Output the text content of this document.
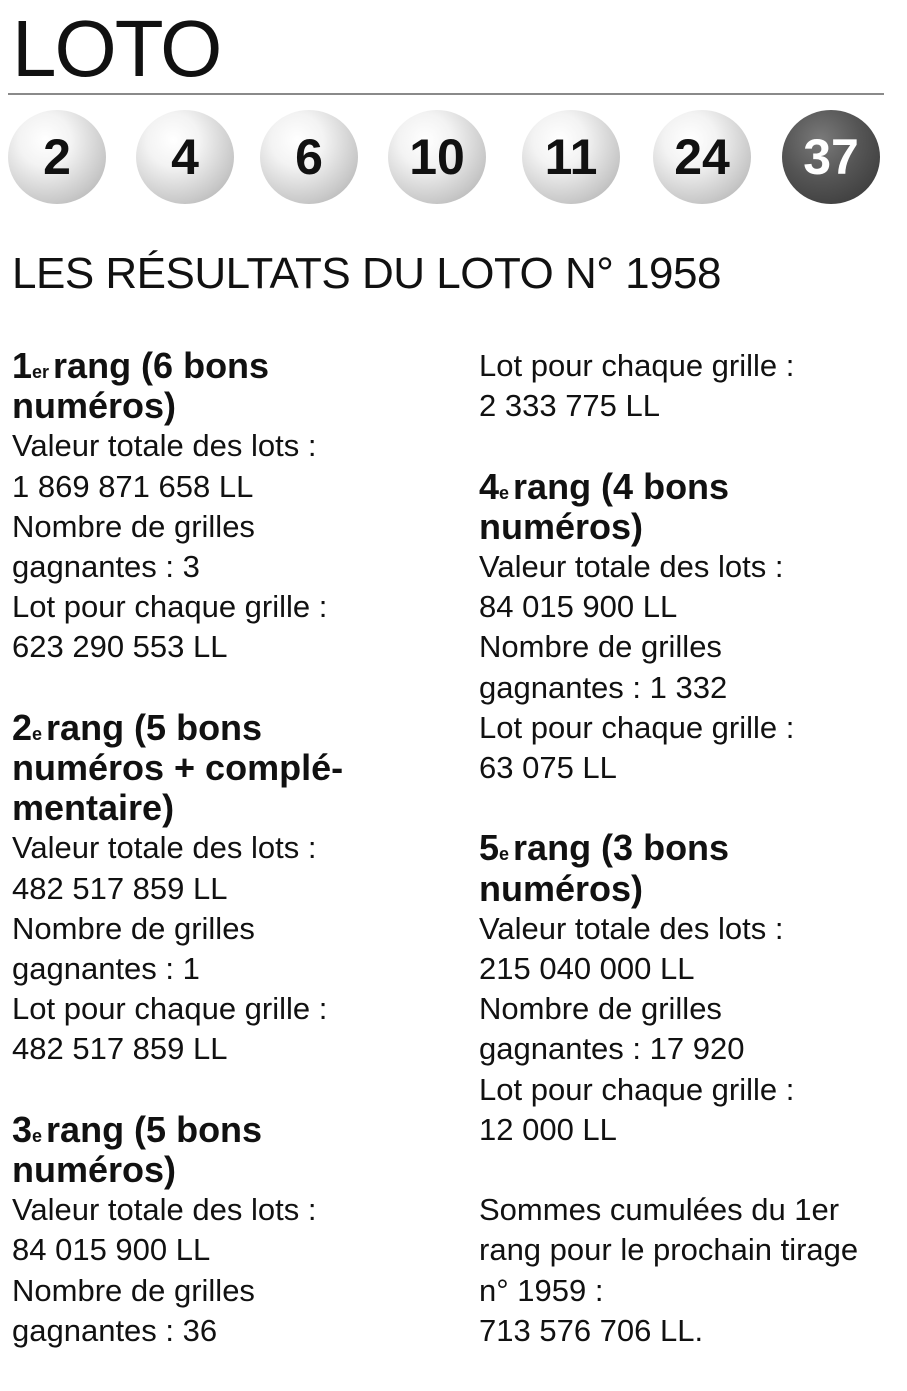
LOTO
2	4	6	10	11	24	37
LES RÉSULTATS DU LOTO N° 1958

1er rang (6 bons

numéros)

Valeur totale des lots :

1 869 871 658 LL

Nombre de grilles

gagnantes : 3

Lot pour chaque grille :

623 290 553 LL

2e rang (5 bons

numéros + complé-

mentaire)

Valeur totale des lots :

482 517 859 LL

Nombre de grilles

gagnantes : 1

Lot pour chaque grille :

482 517 859 LL

3e rang (5 bons

numéros)

Valeur totale des lots :

84 015 900 LL

Nombre de grilles

gagnantes : 36

Lot pour chaque grille :

2 333 775 LL

4e rang (4 bons

numéros)

Valeur totale des lots :

84 015 900 LL

Nombre de grilles

gagnantes : 1 332

Lot pour chaque grille :

63 075 LL

5e rang (3 bons

numéros)

Valeur totale des lots :

215 040 000 LL

Nombre de grilles

gagnantes : 17 920

Lot pour chaque grille :

12 000 LL

Sommes cumulées du 1er

rang pour le prochain tirage

n° 1959 :

713 576 706 LL.
